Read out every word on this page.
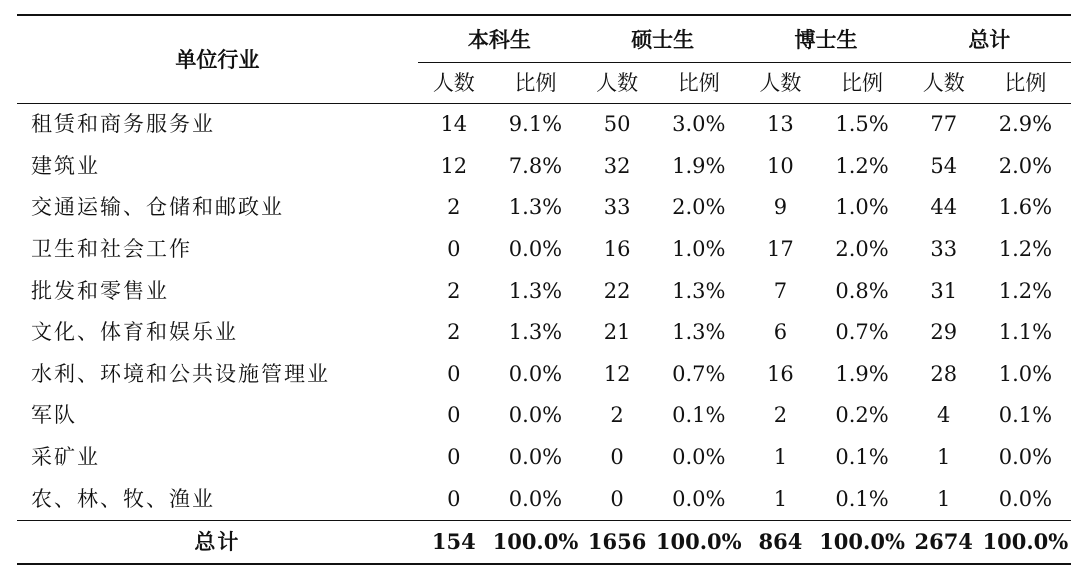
单位行业	本科生		硕士生		博士生		总计	
	人数	比例	人数	比例	人数	比例	人数	比例
租赁和商务服务业	14	9.1%	50	3.0%	13	1.5%	77	2.9%
建筑业	12	7.8%	32	1.9%	10	1.2%	54	2.0%
交通运输、仓储和邮政业	2	1.3%	33	2.0%	9	1.0%	44	1.6%
卫生和社会工作	0	0.0%	16	1.0%	17	2.0%	33	1.2%
批发和零售业	2	1.3%	22	1.3%	7	0.8%	31	1.2%
文化、体育和娱乐业	2	1.3%	21	1.3%	6	0.7%	29	1.1%
水利、环境和公共设施管理业	0	0.0%	12	0.7%	16	1.9%	28	1.0%
军队	0	0.0%	2	0.1%	2	0.2%	4	0.1%
采矿业	0	0.0%	0	0.0%	1	0.1%	1	0.0%
农、林、牧、渔业	0	0.0%	0	0.0%	1	0.1%	1	0.0%
总计	154	100.0%	1656	100.0%	864	100.0%	2674	100.0%
